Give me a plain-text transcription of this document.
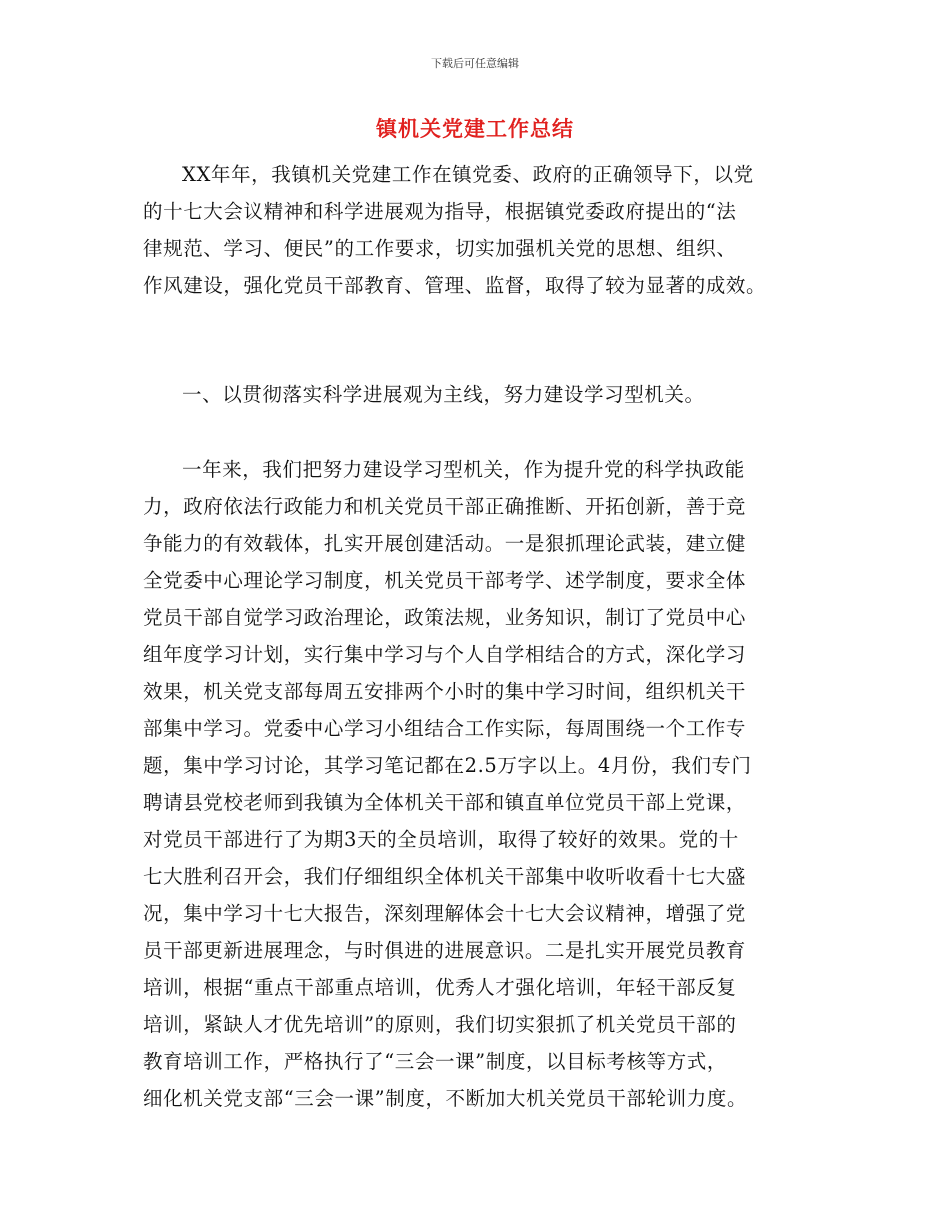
下载后可任意编辑
镇机关党建工作总结
XX年年，我镇机关党建工作在镇党委、政府的正确领导下，以党
的十七大会议精神和科学进展观为指导，根据镇党委政府提出的“法
律规范、学习、便民”的工作要求，切实加强机关党的思想、组织、
作风建设，强化党员干部教育、管理、监督，取得了较为显著的成效。
一、以贯彻落实科学进展观为主线，努力建设学习型机关。
一年来，我们把努力建设学习型机关，作为提升党的科学执政能
力，政府依法行政能力和机关党员干部正确推断、开拓创新，善于竞
争能力的有效载体，扎实开展创建活动。一是狠抓理论武装，建立健
全党委中心理论学习制度，机关党员干部考学、述学制度，要求全体
党员干部自觉学习政治理论，政策法规，业务知识，制订了党员中心
组年度学习计划，实行集中学习与个人自学相结合的方式，深化学习
效果，机关党支部每周五安排两个小时的集中学习时间，组织机关干
部集中学习。党委中心学习小组结合工作实际，每周围绕一个工作专
题，集中学习讨论，其学习笔记都在2.5万字以上。4月份，我们专门
聘请县党校老师到我镇为全体机关干部和镇直单位党员干部上党课，
对党员干部进行了为期3天的全员培训，取得了较好的效果。党的十
七大胜利召开会，我们仔细组织全体机关干部集中收听收看十七大盛
况，集中学习十七大报告，深刻理解体会十七大会议精神，增强了党
员干部更新进展理念，与时俱进的进展意识。二是扎实开展党员教育
培训，根据“重点干部重点培训，优秀人才强化培训，年轻干部反复
培训，紧缺人才优先培训”的原则，我们切实狠抓了机关党员干部的
教育培训工作，严格执行了“三会一课”制度，以目标考核等方式，
细化机关党支部“三会一课”制度，不断加大机关党员干部轮训力度。
